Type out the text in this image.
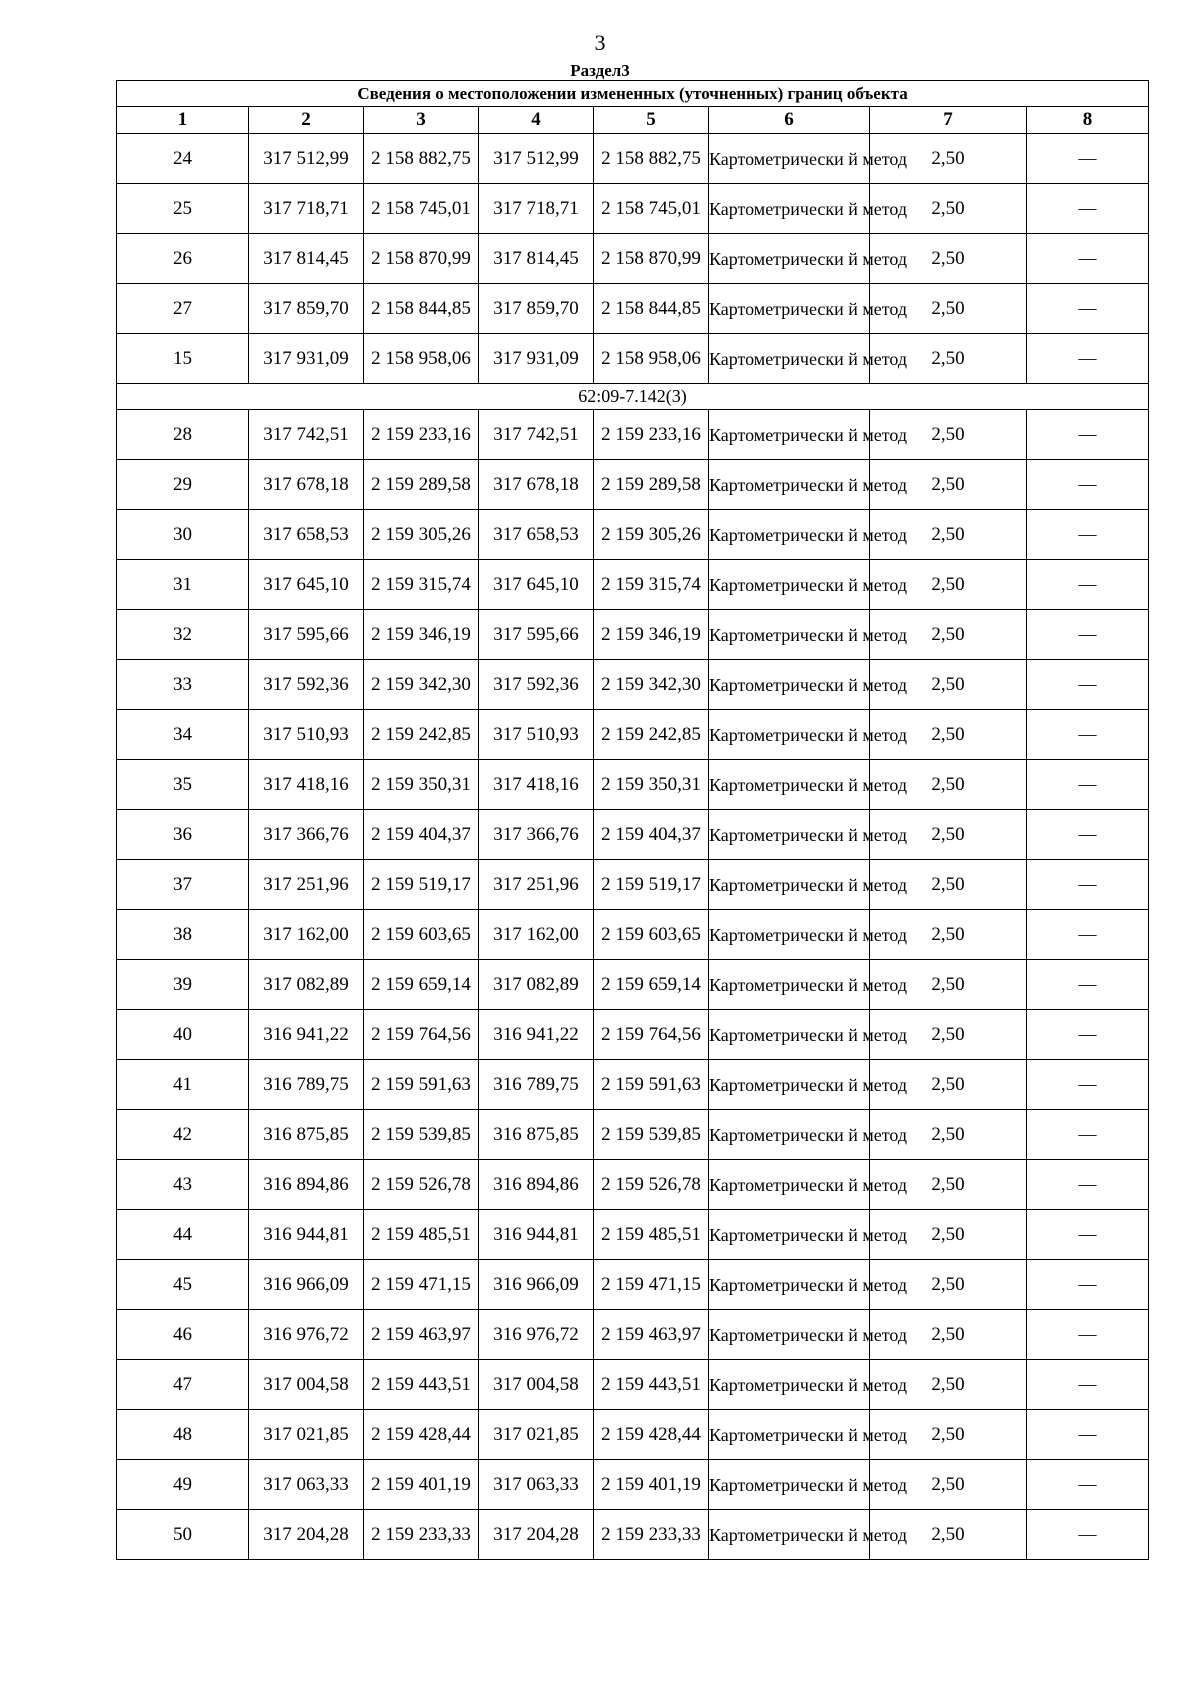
3
Раздел3
Сведения о местоположении измененных (уточненных) границ объекта							
1	2	3	4	5	6	7	8
24	317 512,99	2 158 882,75	317 512,99	2 158 882,75	Картометрически й метод	2,50	—
25	317 718,71	2 158 745,01	317 718,71	2 158 745,01	Картометрически й метод	2,50	—
26	317 814,45	2 158 870,99	317 814,45	2 158 870,99	Картометрически й метод	2,50	—
27	317 859,70	2 158 844,85	317 859,70	2 158 844,85	Картометрически й метод	2,50	—
15	317 931,09	2 158 958,06	317 931,09	2 158 958,06	Картометрически й метод	2,50	—
62:09-7.142(3)							
28	317 742,51	2 159 233,16	317 742,51	2 159 233,16	Картометрически й метод	2,50	—
29	317 678,18	2 159 289,58	317 678,18	2 159 289,58	Картометрически й метод	2,50	—
30	317 658,53	2 159 305,26	317 658,53	2 159 305,26	Картометрически й метод	2,50	—
31	317 645,10	2 159 315,74	317 645,10	2 159 315,74	Картометрически й метод	2,50	—
32	317 595,66	2 159 346,19	317 595,66	2 159 346,19	Картометрически й метод	2,50	—
33	317 592,36	2 159 342,30	317 592,36	2 159 342,30	Картометрически й метод	2,50	—
34	317 510,93	2 159 242,85	317 510,93	2 159 242,85	Картометрически й метод	2,50	—
35	317 418,16	2 159 350,31	317 418,16	2 159 350,31	Картометрически й метод	2,50	—
36	317 366,76	2 159 404,37	317 366,76	2 159 404,37	Картометрически й метод	2,50	—
37	317 251,96	2 159 519,17	317 251,96	2 159 519,17	Картометрически й метод	2,50	—
38	317 162,00	2 159 603,65	317 162,00	2 159 603,65	Картометрически й метод	2,50	—
39	317 082,89	2 159 659,14	317 082,89	2 159 659,14	Картометрически й метод	2,50	—
40	316 941,22	2 159 764,56	316 941,22	2 159 764,56	Картометрически й метод	2,50	—
41	316 789,75	2 159 591,63	316 789,75	2 159 591,63	Картометрически й метод	2,50	—
42	316 875,85	2 159 539,85	316 875,85	2 159 539,85	Картометрически й метод	2,50	—
43	316 894,86	2 159 526,78	316 894,86	2 159 526,78	Картометрически й метод	2,50	—
44	316 944,81	2 159 485,51	316 944,81	2 159 485,51	Картометрически й метод	2,50	—
45	316 966,09	2 159 471,15	316 966,09	2 159 471,15	Картометрически й метод	2,50	—
46	316 976,72	2 159 463,97	316 976,72	2 159 463,97	Картометрически й метод	2,50	—
47	317 004,58	2 159 443,51	317 004,58	2 159 443,51	Картометрически й метод	2,50	—
48	317 021,85	2 159 428,44	317 021,85	2 159 428,44	Картометрически й метод	2,50	—
49	317 063,33	2 159 401,19	317 063,33	2 159 401,19	Картометрически й метод	2,50	—
50	317 204,28	2 159 233,33	317 204,28	2 159 233,33	Картометрически й метод	2,50	—
